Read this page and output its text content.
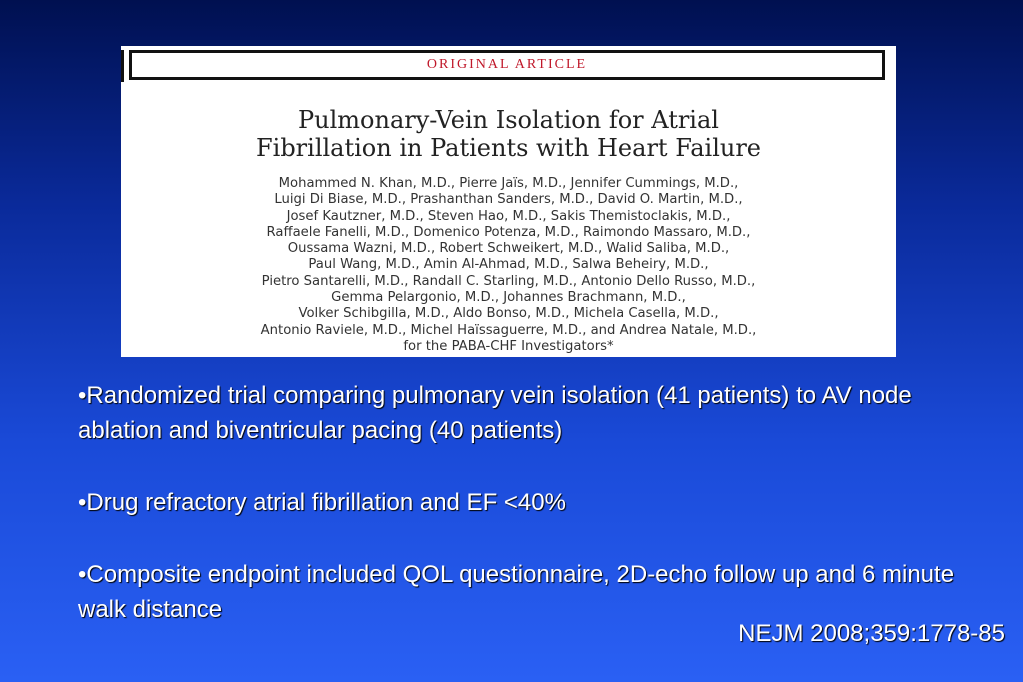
ORIGINAL ARTICLE
Pulmonary-Vein Isolation for Atrial
Fibrillation in Patients with Heart Failure
Mohammed N. Khan, M.D., Pierre Jaïs, M.D., Jennifer Cummings, M.D.,
Luigi Di Biase, M.D., Prashanthan Sanders, M.D., David O. Martin, M.D.,
Josef Kautzner, M.D., Steven Hao, M.D., Sakis Themistoclakis, M.D.,
Raffaele Fanelli, M.D., Domenico Potenza, M.D., Raimondo Massaro, M.D.,
Oussama Wazni, M.D., Robert Schweikert, M.D., Walid Saliba, M.D.,
Paul Wang, M.D., Amin Al-Ahmad, M.D., Salwa Beheiry, M.D.,
Pietro Santarelli, M.D., Randall C. Starling, M.D., Antonio Dello Russo, M.D.,
Gemma Pelargonio, M.D., Johannes Brachmann, M.D.,
Volker Schibgilla, M.D., Aldo Bonso, M.D., Michela Casella, M.D.,
Antonio Raviele, M.D., Michel Haïssaguerre, M.D., and Andrea Natale, M.D.,
for the PABA-CHF Investigators*

•Randomized trial comparing pulmonary vein isolation (41 patients) to AV node ablation and biventricular pacing (40 patients)

•Drug refractory atrial fibrillation and EF <40%

•Composite endpoint included QOL questionnaire, 2D-echo follow up and 6 minute walk distance

NEJM 2008;359:1778-85
